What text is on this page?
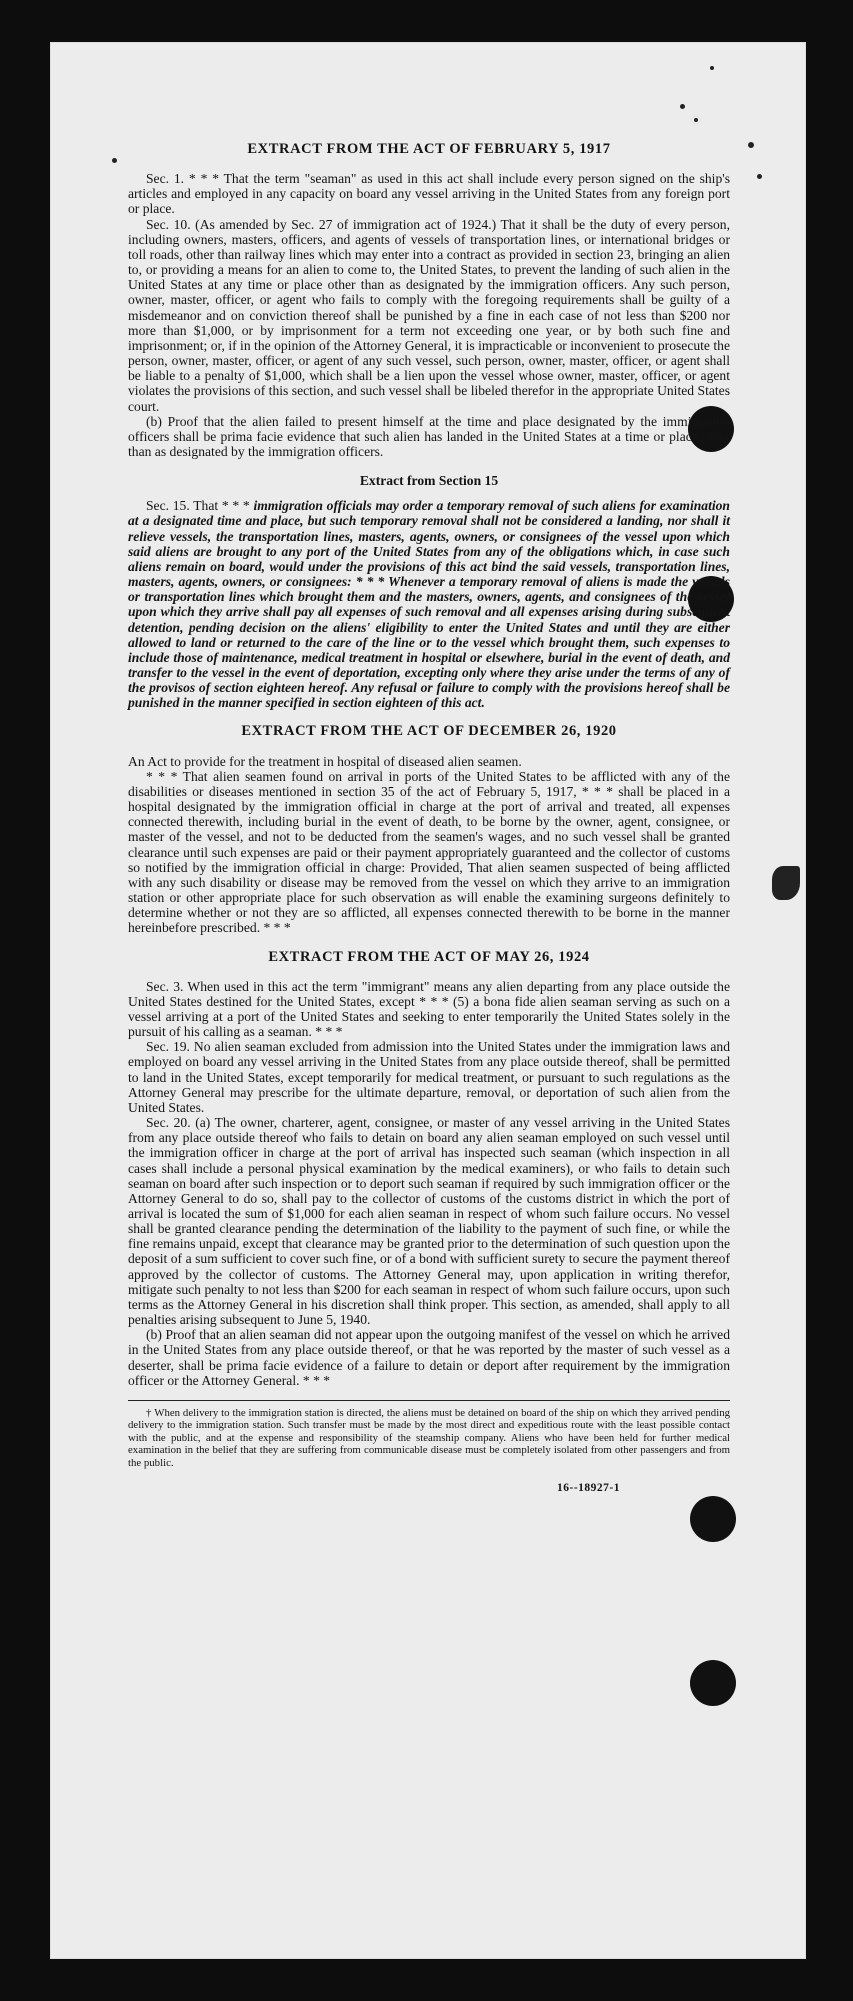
EXTRACT FROM THE ACT OF FEBRUARY 5, 1917

Sec. 1. * * * That the term "seaman" as used in this act shall include every person signed on the ship's articles and employed in any capacity on board any vessel arriving in the United States from any foreign port or place.

Sec. 10. (As amended by Sec. 27 of immigration act of 1924.) That it shall be the duty of every person, including owners, masters, officers, and agents of vessels of transportation lines, or international bridges or toll roads, other than railway lines which may enter into a contract as provided in section 23, bringing an alien to, or providing a means for an alien to come to, the United States, to prevent the landing of such alien in the United States at any time or place other than as designated by the immigration officers. Any such person, owner, master, officer, or agent who fails to comply with the foregoing requirements shall be guilty of a misdemeanor and on conviction thereof shall be punished by a fine in each case of not less than $200 nor more than $1,000, or by imprisonment for a term not exceeding one year, or by both such fine and imprisonment; or, if in the opinion of the Attorney General, it is impracticable or inconvenient to prosecute the person, owner, master, officer, or agent of any such vessel, such person, owner, master, officer, or agent shall be liable to a penalty of $1,000, which shall be a lien upon the vessel whose owner, master, officer, or agent violates the provisions of this section, and such vessel shall be libeled therefor in the appropriate United States court.

(b) Proof that the alien failed to present himself at the time and place designated by the immigration officers shall be prima facie evidence that such alien has landed in the United States at a time or place other than as designated by the immigration officers.

Extract from Section 15

Sec. 15. That * * * immigration officials may order a temporary removal of such aliens for examination at a designated time and place, but such temporary removal shall not be considered a landing, nor shall it relieve vessels, the transportation lines, masters, agents, owners, or consignees of the vessel upon which said aliens are brought to any port of the United States from any of the obligations which, in case such aliens remain on board, would under the provisions of this act bind the said vessels, transportation lines, masters, agents, owners, or consignees: * * * Whenever a temporary removal of aliens is made the vessels or transportation lines which brought them and the masters, owners, agents, and consignees of the vessel upon which they arrive shall pay all expenses of such removal and all expenses arising during subsequent detention, pending decision on the aliens' eligibility to enter the United States and until they are either allowed to land or returned to the care of the line or to the vessel which brought them, such expenses to include those of maintenance, medical treatment in hospital or elsewhere, burial in the event of death, and transfer to the vessel in the event of deportation, excepting only where they arise under the terms of any of the provisos of section eighteen hereof. Any refusal or failure to comply with the provisions hereof shall be punished in the manner specified in section eighteen of this act.

EXTRACT FROM THE ACT OF DECEMBER 26, 1920

An Act to provide for the treatment in hospital of diseased alien seamen.

* * * That alien seamen found on arrival in ports of the United States to be afflicted with any of the disabilities or diseases mentioned in section 35 of the act of February 5, 1917, * * * shall be placed in a hospital designated by the immigration official in charge at the port of arrival and treated, all expenses connected therewith, including burial in the event of death, to be borne by the owner, agent, consignee, or master of the vessel, and not to be deducted from the seamen's wages, and no such vessel shall be granted clearance until such expenses are paid or their payment appropriately guaranteed and the collector of customs so notified by the immigration official in charge: Provided, That alien seamen suspected of being afflicted with any such disability or disease may be removed from the vessel on which they arrive to an immigration station or other appropriate place for such observation as will enable the examining surgeons definitely to determine whether or not they are so afflicted, all expenses connected therewith to be borne in the manner hereinbefore prescribed. * * *

EXTRACT FROM THE ACT OF MAY 26, 1924

Sec. 3. When used in this act the term "immigrant" means any alien departing from any place outside the United States destined for the United States, except * * * (5) a bona fide alien seaman serving as such on a vessel arriving at a port of the United States and seeking to enter temporarily the United States solely in the pursuit of his calling as a seaman. * * *

Sec. 19. No alien seaman excluded from admission into the United States under the immigration laws and employed on board any vessel arriving in the United States from any place outside thereof, shall be permitted to land in the United States, except temporarily for medical treatment, or pursuant to such regulations as the Attorney General may prescribe for the ultimate departure, removal, or deportation of such alien from the United States.

Sec. 20. (a) The owner, charterer, agent, consignee, or master of any vessel arriving in the United States from any place outside thereof who fails to detain on board any alien seaman employed on such vessel until the immigration officer in charge at the port of arrival has inspected such seaman (which inspection in all cases shall include a personal physical examination by the medical examiners), or who fails to detain such seaman on board after such inspection or to deport such seaman if required by such immigration officer or the Attorney General to do so, shall pay to the collector of customs of the customs district in which the port of arrival is located the sum of $1,000 for each alien seaman in respect of whom such failure occurs. No vessel shall be granted clearance pending the determination of the liability to the payment of such fine, or while the fine remains unpaid, except that clearance may be granted prior to the determination of such question upon the deposit of a sum sufficient to cover such fine, or of a bond with sufficient surety to secure the payment thereof approved by the collector of customs. The Attorney General may, upon application in writing therefor, mitigate such penalty to not less than $200 for each seaman in respect of whom such failure occurs, upon such terms as the Attorney General in his discretion shall think proper. This section, as amended, shall apply to all penalties arising subsequent to June 5, 1940.

(b) Proof that an alien seaman did not appear upon the outgoing manifest of the vessel on which he arrived in the United States from any place outside thereof, or that he was reported by the master of such vessel as a deserter, shall be prima facie evidence of a failure to detain or deport after requirement by the immigration officer or the Attorney General. * * *

† When delivery to the immigration station is directed, the aliens must be detained on board of the ship on which they arrived pending delivery to the immigration station. Such transfer must be made by the most direct and expeditious route with the least possible contact with the public, and at the expense and responsibility of the steamship company. Aliens who have been held for further medical examination in the belief that they are suffering from communicable disease must be completely isolated from other passengers and from the public.

16--18927-1
